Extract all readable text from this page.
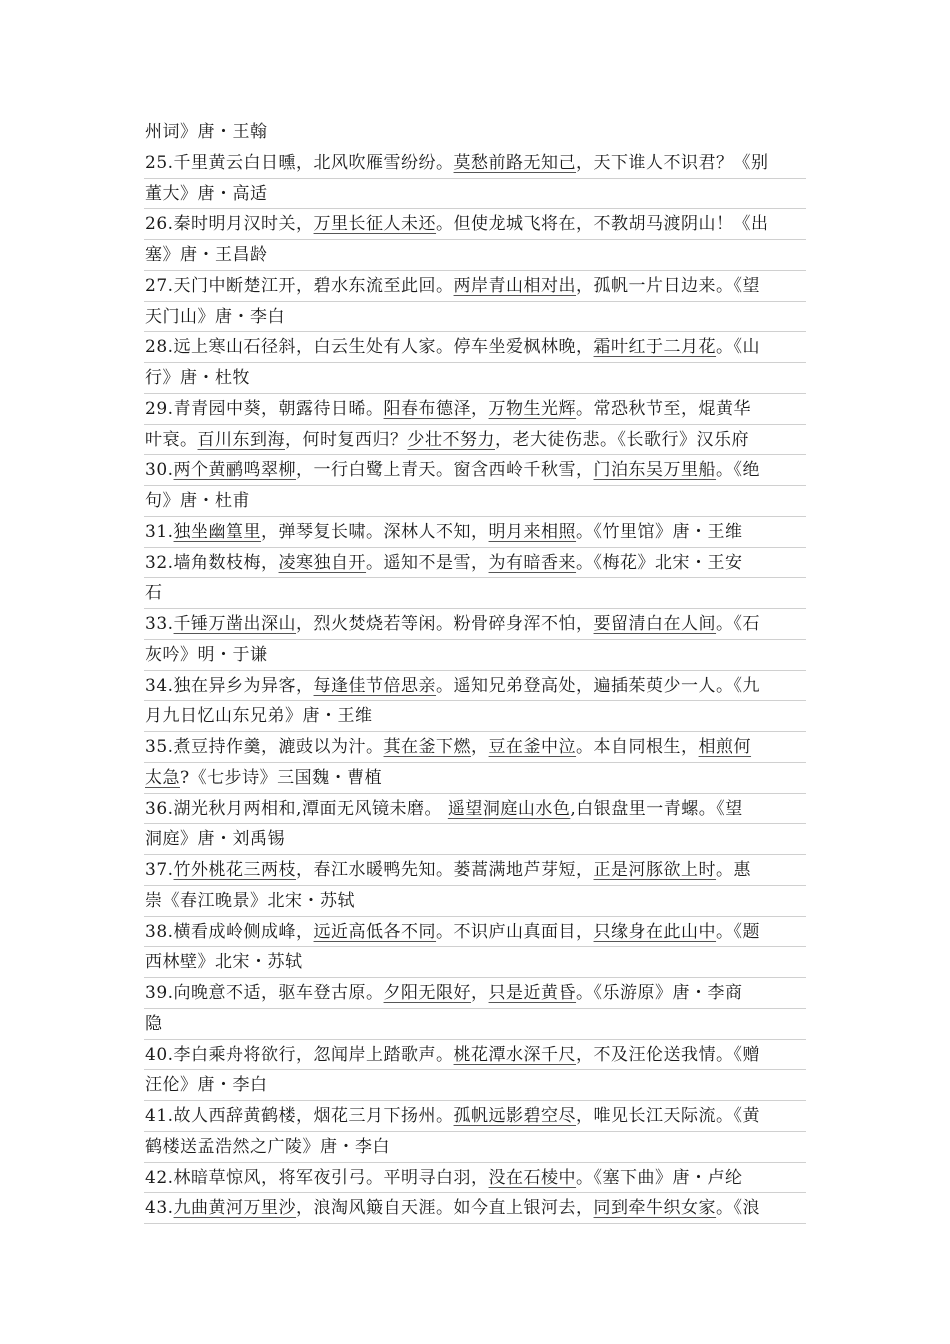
州词》唐・王翰
25.千里黄云白日曛，北风吹雁雪纷纷。莫愁前路无知己，天下谁人不识君？《别
董大》唐・高适
26.秦时明月汉时关，万里长征人未还。但使龙城飞将在，不教胡马渡阴山！《出
塞》唐・王昌龄
27.天门中断楚江开，碧水东流至此回。两岸青山相对出，孤帆一片日边来。《望
天门山》唐・李白
28.远上寒山石径斜，白云生处有人家。停车坐爱枫林晚，霜叶红于二月花。《山
行》唐・杜牧
29.青青园中葵，朝露待日晞。阳春布德泽，万物生光辉。常恐秋节至，焜黄华
叶衰。百川东到海，何时复西归？少壮不努力，老大徒伤悲。《长歌行》汉乐府
30.两个黄鹂鸣翠柳，一行白鹭上青天。窗含西岭千秋雪，门泊东吴万里船。《绝
句》唐・杜甫
31.独坐幽篁里，弹琴复长啸。深林人不知，明月来相照。《竹里馆》唐・王维
32.墙角数枝梅，凌寒独自开。遥知不是雪，为有暗香来。《梅花》北宋・王安
石
33.千锤万凿出深山，烈火焚烧若等闲。粉骨碎身浑不怕，要留清白在人间。《石
灰吟》明・于谦
34.独在异乡为异客，每逢佳节倍思亲。遥知兄弟登高处，遍插茱萸少一人。《九
月九日忆山东兄弟》唐・王维
35.煮豆持作羹，漉豉以为汁。萁在釜下燃，豆在釜中泣。本自同根生，相煎何
太急?《七步诗》三国魏・曹植
36.湖光秋月两相和,潭面无风镜未磨。 遥望洞庭山水色,白银盘里一青螺。《望
洞庭》唐・刘禹锡
37.竹外桃花三两枝，春江水暖鸭先知。蒌蒿满地芦芽短，正是河豚欲上时。惠
崇《春江晚景》北宋・苏轼
38.横看成岭侧成峰，远近高低各不同。不识庐山真面目，只缘身在此山中。《题
西林壁》北宋・苏轼
39.向晚意不适，驱车登古原。夕阳无限好，只是近黄昏。《乐游原》唐・李商
隐
40.李白乘舟将欲行，忽闻岸上踏歌声。桃花潭水深千尺，不及汪伦送我情。《赠
汪伦》唐・李白
41.故人西辞黄鹤楼，烟花三月下扬州。孤帆远影碧空尽，唯见长江天际流。《黄
鹤楼送孟浩然之广陵》唐・李白
42.林暗草惊风，将军夜引弓。平明寻白羽，没在石棱中。《塞下曲》唐・卢纶
43.九曲黄河万里沙，浪淘风簸自天涯。如今直上银河去，同到牵牛织女家。《浪
